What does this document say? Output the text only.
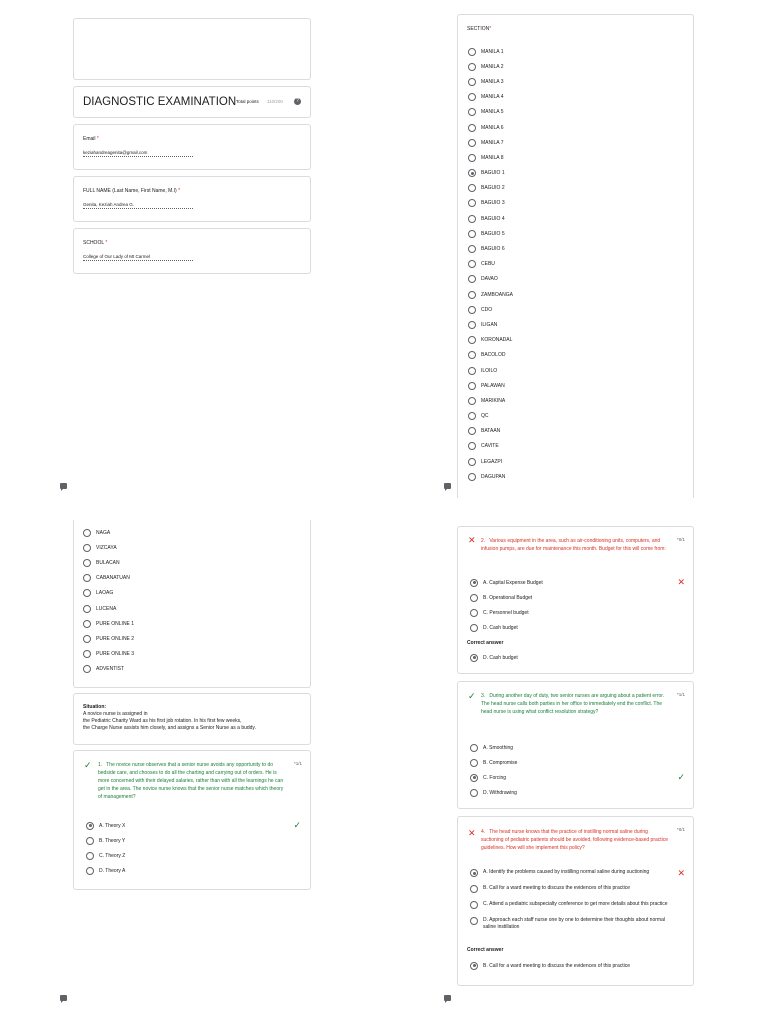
DIAGNOSTIC EXAMINATION Total points 110/200	?
Email *
keziahandreagenita@gmail.com
FULL NAME (Last Name, First Name, M.I) *
Genita, Keziah Andrea G.
SCHOOL *
College of Our Lady of Mt Carmel
SECTION*
MANILA 1
MANILA 2
MANILA 3
MANILA 4
MANILA 5
MANILA 6
MANILA 7
MANILA 8
BAGUIO 1
BAGUIO 2
BAGUIO 3
BAGUIO 4
BAGUIO 5
BAGUIO 6
CEBU
DAVAO
ZAMBOANGA
CDO
ILIGAN
KORONADAL
BACOLOD
ILOILO
PALAWAN
MARIKINA
QC
BATAAN
CAVITE
LEGAZPI
DAGUPAN
NAGA
VIZCAYA
BULACAN
CABANATUAN
LAOAG
LUCENA
PURE ONLINE 1
PURE ONLINE 2
PURE ONLINE 3
ADVENTIST
Situation:
A novice nurse is assigned in
the Pediatric Charity Ward as his first job rotation. In his first few weeks,
the Charge Nurse assists him closely, and assigns a Senior Nurse as a buddy.
✓ 1. The novice nurse observes that a senior nurse avoids any opportunity to do bedside care, and chooses to do all the charting and carrying out of orders. He is more concerned with their delayed salaries, rather than with all the learnings he can get in the area. The novice nurse knows that the senior nurse matches which theory of management?
*1/1
A. Theory X	✓
B. Theory Y
C. Theory Z
D. Theory A
✕ 2. Various equipment in the area, such as air-conditioning units, computers, and infusion pumps, are due for maintenance this month. Budget for this will come from:
*0/1
A. Capital Expense Budget	✕
B. Operational Budget
C. Personnel budget
D. Cash budget
Correct answer
D. Cash budget
✓ 3. During another day of duty, two senior nurses are arguing about a patient error. The head nurse calls both parties in her office to immediately end the conflict. The head nurse is using what conflict resolution strategy?
*1/1
A. Smoothing
B. Compromise
C. Forcing	✓
D. Withdrawing
✕ 4. The head nurse knows that the practice of instilling normal saline during suctioning of pediatric patients should be avoided, following evidence-based practice guidelines. How will she implement this policy?
*0/1
A. Identify the problems caused by instilling normal saline during suctioning	✕
B. Call for a ward meeting to discuss the evidences of this practice
C. Attend a pediatric subspecialty conference to get more details about this practice
D. Approach each staff nurse one by one to determine their thoughts about normal saline instillation
Correct answer
B. Call for a ward meeting to discuss the evidences of this practice
